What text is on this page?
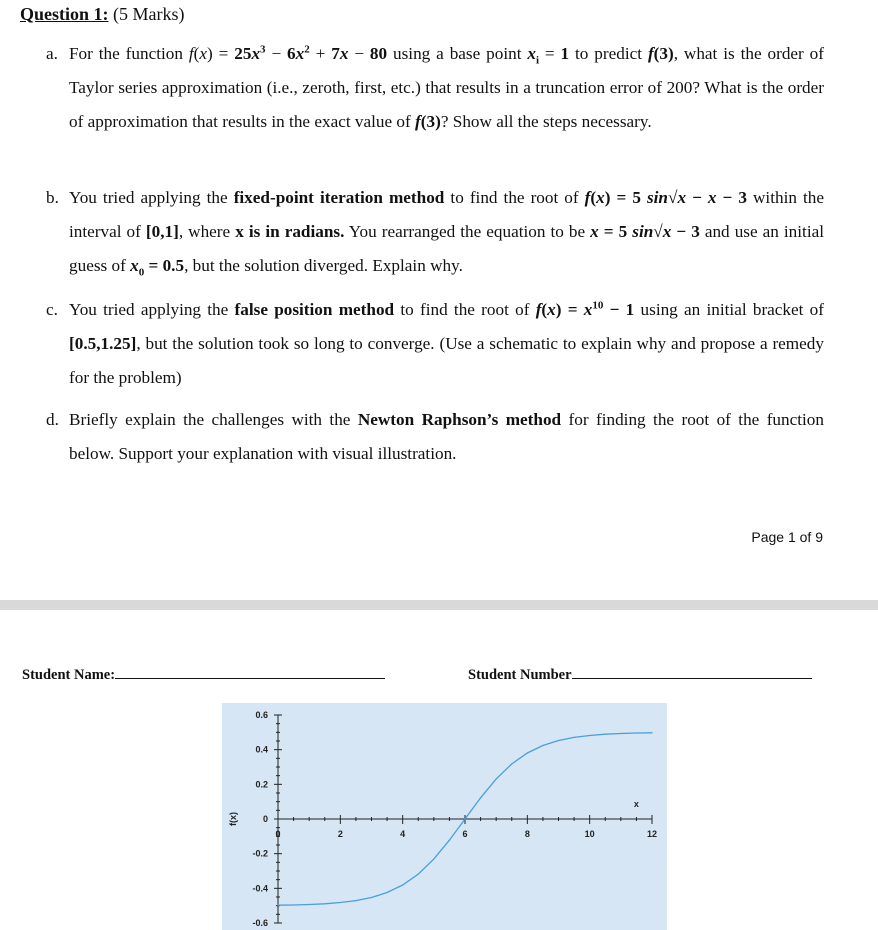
Question 1: (5 Marks)
a. For the function $f(x) = 25x^3 - 6x^2 + 7x - 80$ using a base point $x_i = 1$ to predict f(3), what is the order of Taylor series approximation (i.e., zeroth, first, etc.) that results in a truncation error of 200? What is the order of approximation that results in the exact value of f(3)? Show all the steps necessary.
b. You tried applying the fixed-point iteration method to find the root of f(x) = 5 sin√x − x − 3 within the interval of [0,1], where x is in radians. You rearranged the equation to be x = 5 sin√x − 3 and use an initial guess of $x_0 = 0.5$, but the solution diverged. Explain why.
c. You tried applying the false position method to find the root of $f(x) = x^{10} - 1$ using an initial bracket of [0.5,1.25], but the solution took so long to converge. (Use a schematic to explain why and propose a remedy for the problem)
d. Briefly explain the challenges with the Newton Raphson’s method for finding the root of the function below. Support your explanation with visual illustration.
Page 1 of 9
Student Name:	Student Number
0	2	4	6	8	10	12
0.6
0.4
0.2
0
-0.2
-0.4
-0.6
x
f(x)
